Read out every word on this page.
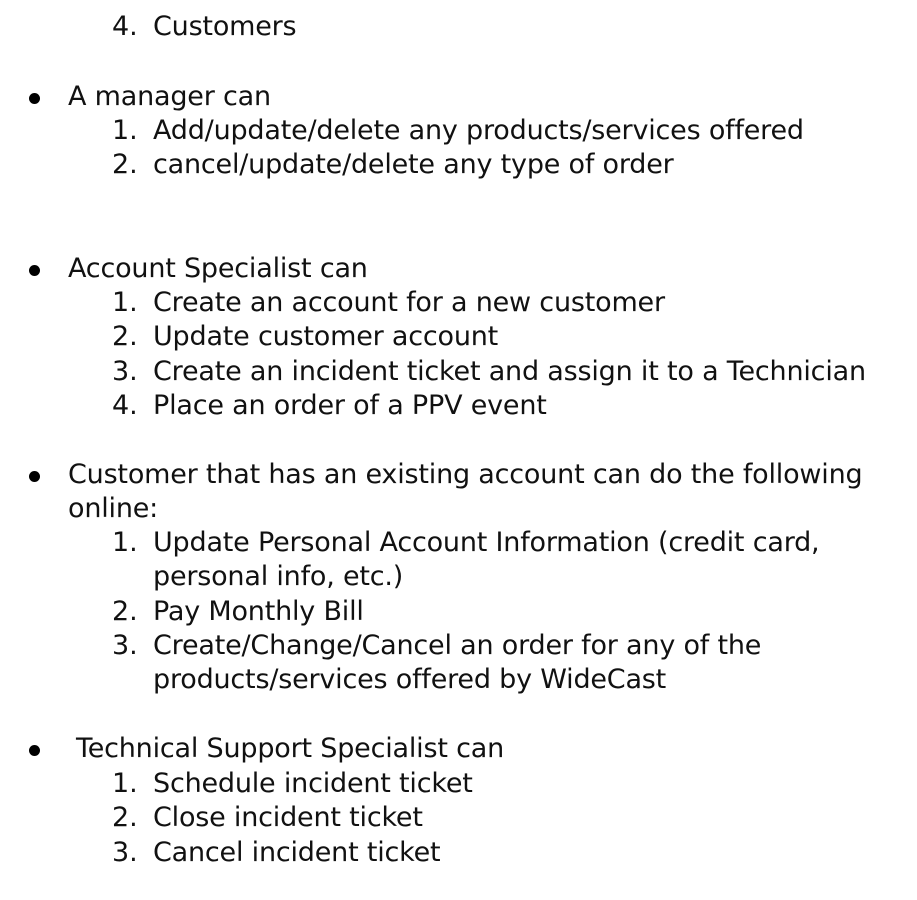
4. Customers
A manager can
1. Add/update/delete any products/services offered
2. cancel/update/delete any type of order
Account Specialist can
1. Create an account for a new customer
2. Update customer account
3. Create an incident ticket and assign it to a Technician
4. Place an order of a PPV event
Customer that has an existing account can do the following
online:
1. Update Personal Account Information (credit card,
personal info, etc.)
2. Pay Monthly Bill
3. Create/Change/Cancel an order for any of the
products/services offered by WideCast
Technical Support Specialist can
1. Schedule incident ticket
2. Close incident ticket
3. Cancel incident ticket
